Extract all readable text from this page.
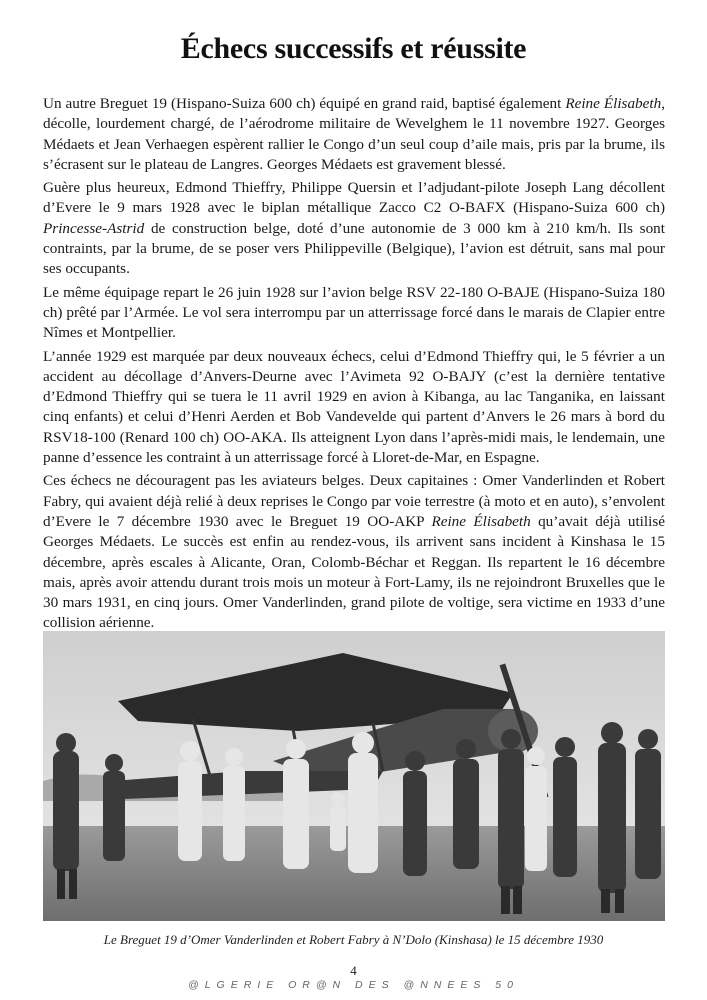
Échecs successifs et réussite

Un autre Breguet 19 (Hispano-Suiza 600 ch) équipé en grand raid, baptisé également Reine Élisabeth, décolle, lourdement chargé, de l’aérodrome militaire de Wevelghem le 11 novembre 1927. Georges Médaets et Jean Verhaegen espèrent rallier le Congo d’un seul coup d’aile mais, pris par la brume, ils s’écrasent sur le plateau de Langres. Georges Médaets est gravement blessé.

Guère plus heureux, Edmond Thieffry, Philippe Quersin et l’adjudant-pilote Joseph Lang décollent d’Evere le 9 mars 1928 avec le biplan métallique Zacco C2 O-BAFX (Hispano-Suiza 600 ch) Princesse-Astrid de construction belge, doté d’une autonomie de 3 000 km à 210 km/h. Ils sont contraints, par la brume, de se poser vers Philippeville (Belgique), l’avion est détruit, sans mal pour ses occupants.

Le même équipage repart le 26 juin 1928 sur l’avion belge RSV 22-180 O-BAJE (Hispano-Suiza 180 ch) prêté par l’Armée. Le vol sera interrompu par un atterrissage forcé dans le marais de Clapier entre Nîmes et Montpellier.

L’année 1929 est marquée par deux nouveaux échecs, celui d’Edmond Thieffry qui, le 5 février a un accident au décollage d’Anvers-Deurne avec l’Avimeta 92 O-BAJY (c’est la dernière tentative d’Edmond Thieffry qui se tuera le 11 avril 1929 en avion à Kibanga, au lac Tanganika, en laissant cinq enfants) et celui d’Henri Aerden et Bob Vandevelde qui partent d’Anvers le 26 mars à bord du RSV18-100 (Renard 100 ch) OO-AKA. Ils atteignent Lyon dans l’après-midi mais, le lendemain, une panne d’essence les contraint à un atterrissage forcé à Lloret-de-Mar, en Espagne.

Ces échecs ne découragent pas les aviateurs belges. Deux capitaines : Omer Vanderlinden et Robert Fabry, qui avaient déjà relié à deux reprises le Congo par voie terrestre (à moto et en auto), s’envolent d’Evere le 7 décembre 1930 avec le Breguet 19 OO-AKP Reine Élisabeth qu’avait déjà utilisé Georges Médaets. Le succès est enfin au rendez-vous, ils arrivent sans incident à Kinshasa le 15 décembre, après escales à Alicante, Oran, Colomb-Béchar et Reggan. Ils repartent le 16 décembre mais, après avoir attendu durant trois mois un moteur à Fort-Lamy, ils ne rejoindront Bruxelles que le 30 mars 1931, en cinq jours. Omer Vanderlinden, grand pilote de voltige, sera victime en 1933 d’une collision aérienne.

Le Breguet 19 d’Omer Vanderlinden et Robert Fabry à N’Dolo (Kinshasa) le 15 décembre 1930
4
@LGERIE OR@N DES @NNEES 50
